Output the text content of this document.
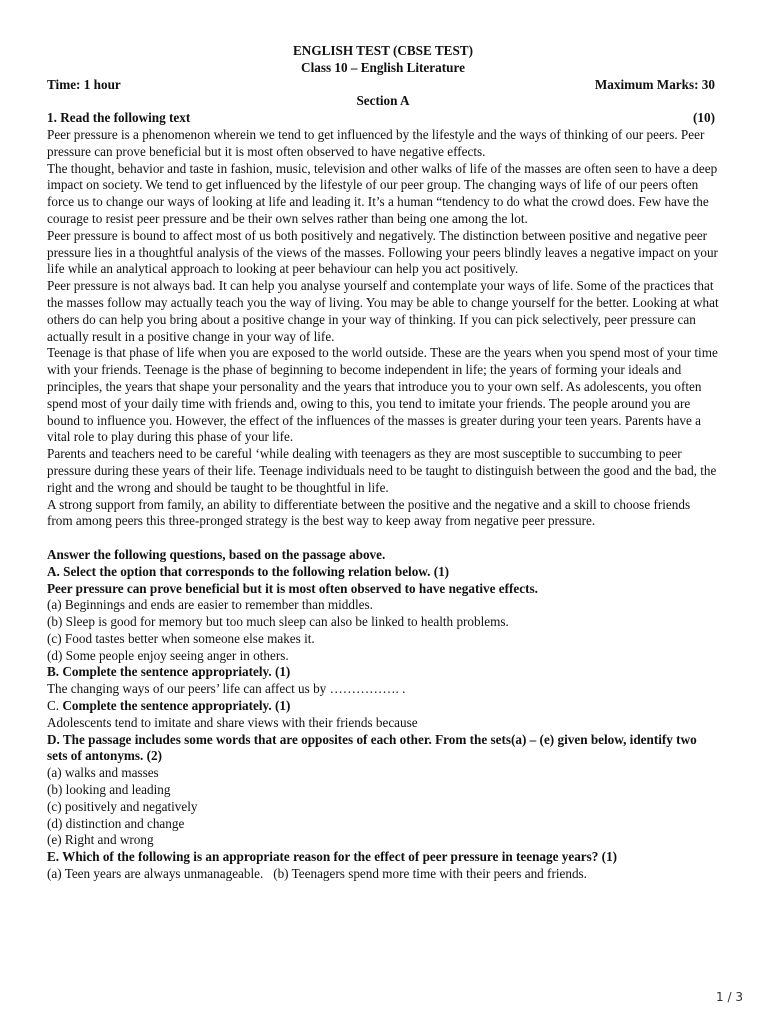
ENGLISH TEST (CBSE TEST)
Class 10 – English Literature
Time: 1 hour	Maximum Marks: 30
Section A
1. Read the following text	(10)

Peer pressure is a phenomenon wherein we tend to get influenced by the lifestyle and the ways of thinking of our peers. Peer pressure can prove beneficial but it is most often observed to have negative effects.

The thought, behavior and taste in fashion, music, television and other walks of life of the masses are often seen to have a deep impact on society. We tend to get influenced by the lifestyle of our peer group. The changing ways of life of our peers often force us to change our ways of looking at life and leading it. It’s a human “tendency to do what the crowd does. Few have the courage to resist peer pressure and be their own selves rather than being one among the lot.

Peer pressure is bound to affect most of us both positively and negatively. The distinction between positive and negative peer pressure lies in a thoughtful analysis of the views of the masses. Following your peers blindly leaves a negative impact on your life while an analytical approach to looking at peer behaviour can help you act positively.

Peer pressure is not always bad. It can help you analyse yourself and contemplate your ways of life. Some of the practices that the masses follow may actually teach you the way of living. You may be able to change yourself for the better. Looking at what others do can help you bring about a positive change in your way of thinking. If you can pick selectively, peer pressure can actually result in a positive change in your way of life.

Teenage is that phase of life when you are exposed to the world outside. These are the years when you spend most of your time with your friends. Teenage is the phase of beginning to become independent in life; the years of forming your ideals and principles, the years that shape your personality and the years that introduce you to your own self. As adolescents, you often spend most of your daily time with friends and, owing to this, you tend to imitate your friends. The people around you are bound to influence you. However, the effect of the influences of the masses is greater during your teen years. Parents have a vital role to play during this phase of your life.

Parents and teachers need to be careful ‘while dealing with teenagers as they are most susceptible to succumbing to peer pressure during these years of their life. Teenage individuals need to be taught to distinguish between the good and the bad, the right and the wrong and should be taught to be thoughtful in life.

A strong support from family, an ability to differentiate between the positive and the negative and a skill to choose friends from among peers this three-pronged strategy is the best way to keep away from negative peer pressure.

Answer the following questions, based on the passage above.
A. Select the option that corresponds to the following relation below. (1)
Peer pressure can prove beneficial but it is most often observed to have negative effects.
(a) Beginnings and ends are easier to remember than middles.
(b) Sleep is good for memory but too much sleep can also be linked to health problems.
(c) Food tastes better when someone else makes it.
(d) Some people enjoy seeing anger in others.
B. Complete the sentence appropriately. (1)
The changing ways of our peers’ life can affect us by ……………. .
C. Complete the sentence appropriately. (1)
Adolescents tend to imitate and share views with their friends because
D. The passage includes some words that are opposites of each other. From the sets(a) – (e) given below, identify two sets of antonyms. (2)
(a) walks and masses
(b) looking and leading
(c) positively and negatively
(d) distinction and change
(e) Right and wrong
E. Which of the following is an appropriate reason for the effect of peer pressure in teenage years? (1)
(a) Teen years are always unmanageable.   (b) Teenagers spend more time with their peers and friends.
1 / 3
